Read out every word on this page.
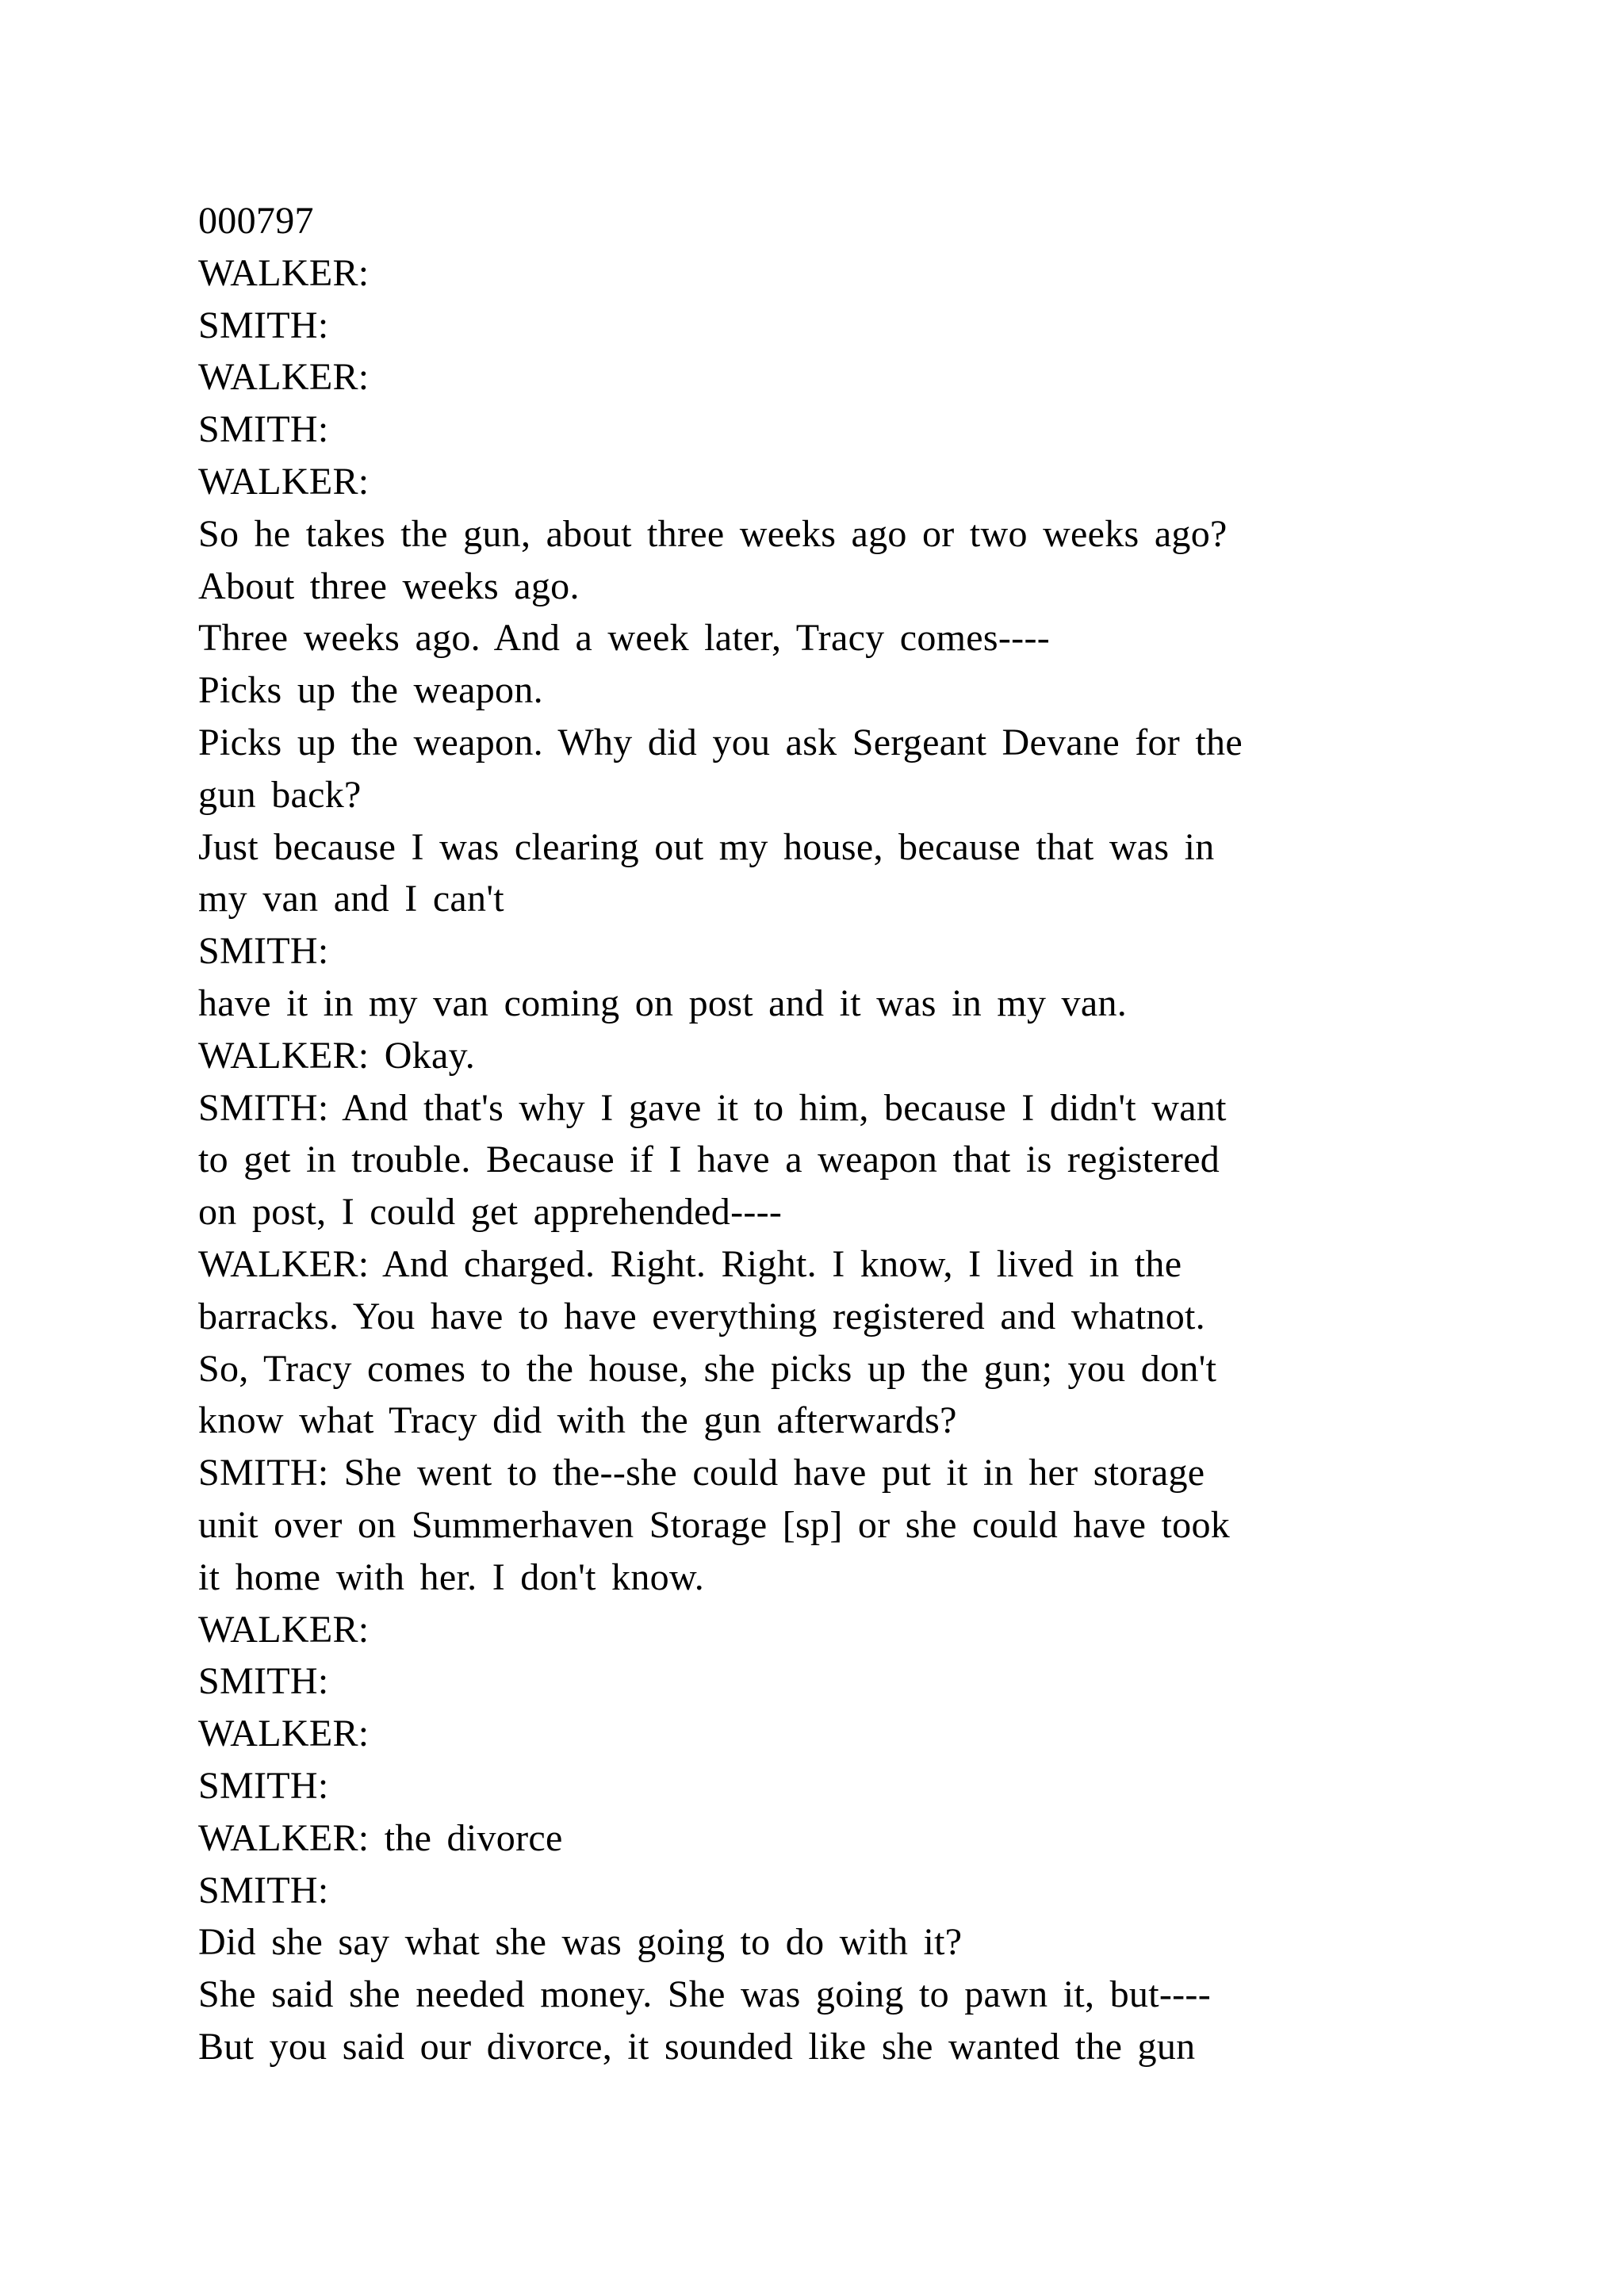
000797
WALKER:
SMITH:
WALKER:
SMITH:
WALKER:
So he takes the gun, about three weeks ago or two weeks ago?
About three weeks ago.
Three weeks ago. And a week later, Tracy comes----
Picks up the weapon.
Picks up the weapon. Why did you ask Sergeant Devane for the
gun back?
Just because I was clearing out my house, because that was in
my van and I can't
SMITH:
have it in my van coming on post and it was in my van.
WALKER: Okay.
SMITH: And that's why I gave it to him, because I didn't want
to get in trouble. Because if I have a weapon that is registered
on post, I could get apprehended----
WALKER: And charged. Right. Right. I know, I lived in the
barracks. You have to have everything registered and whatnot.
So, Tracy comes to the house, she picks up the gun; you don't
know what Tracy did with the gun afterwards?
SMITH: She went to the--she could have put it in her storage
unit over on Summerhaven Storage [sp] or she could have took
it home with her. I don't know.
WALKER:
SMITH:
WALKER:
SMITH:
WALKER: the divorce
SMITH:
Did she say what she was going to do with it?
She said she needed money. She was going to pawn it, but----
But you said our divorce, it sounded like she wanted the gun
